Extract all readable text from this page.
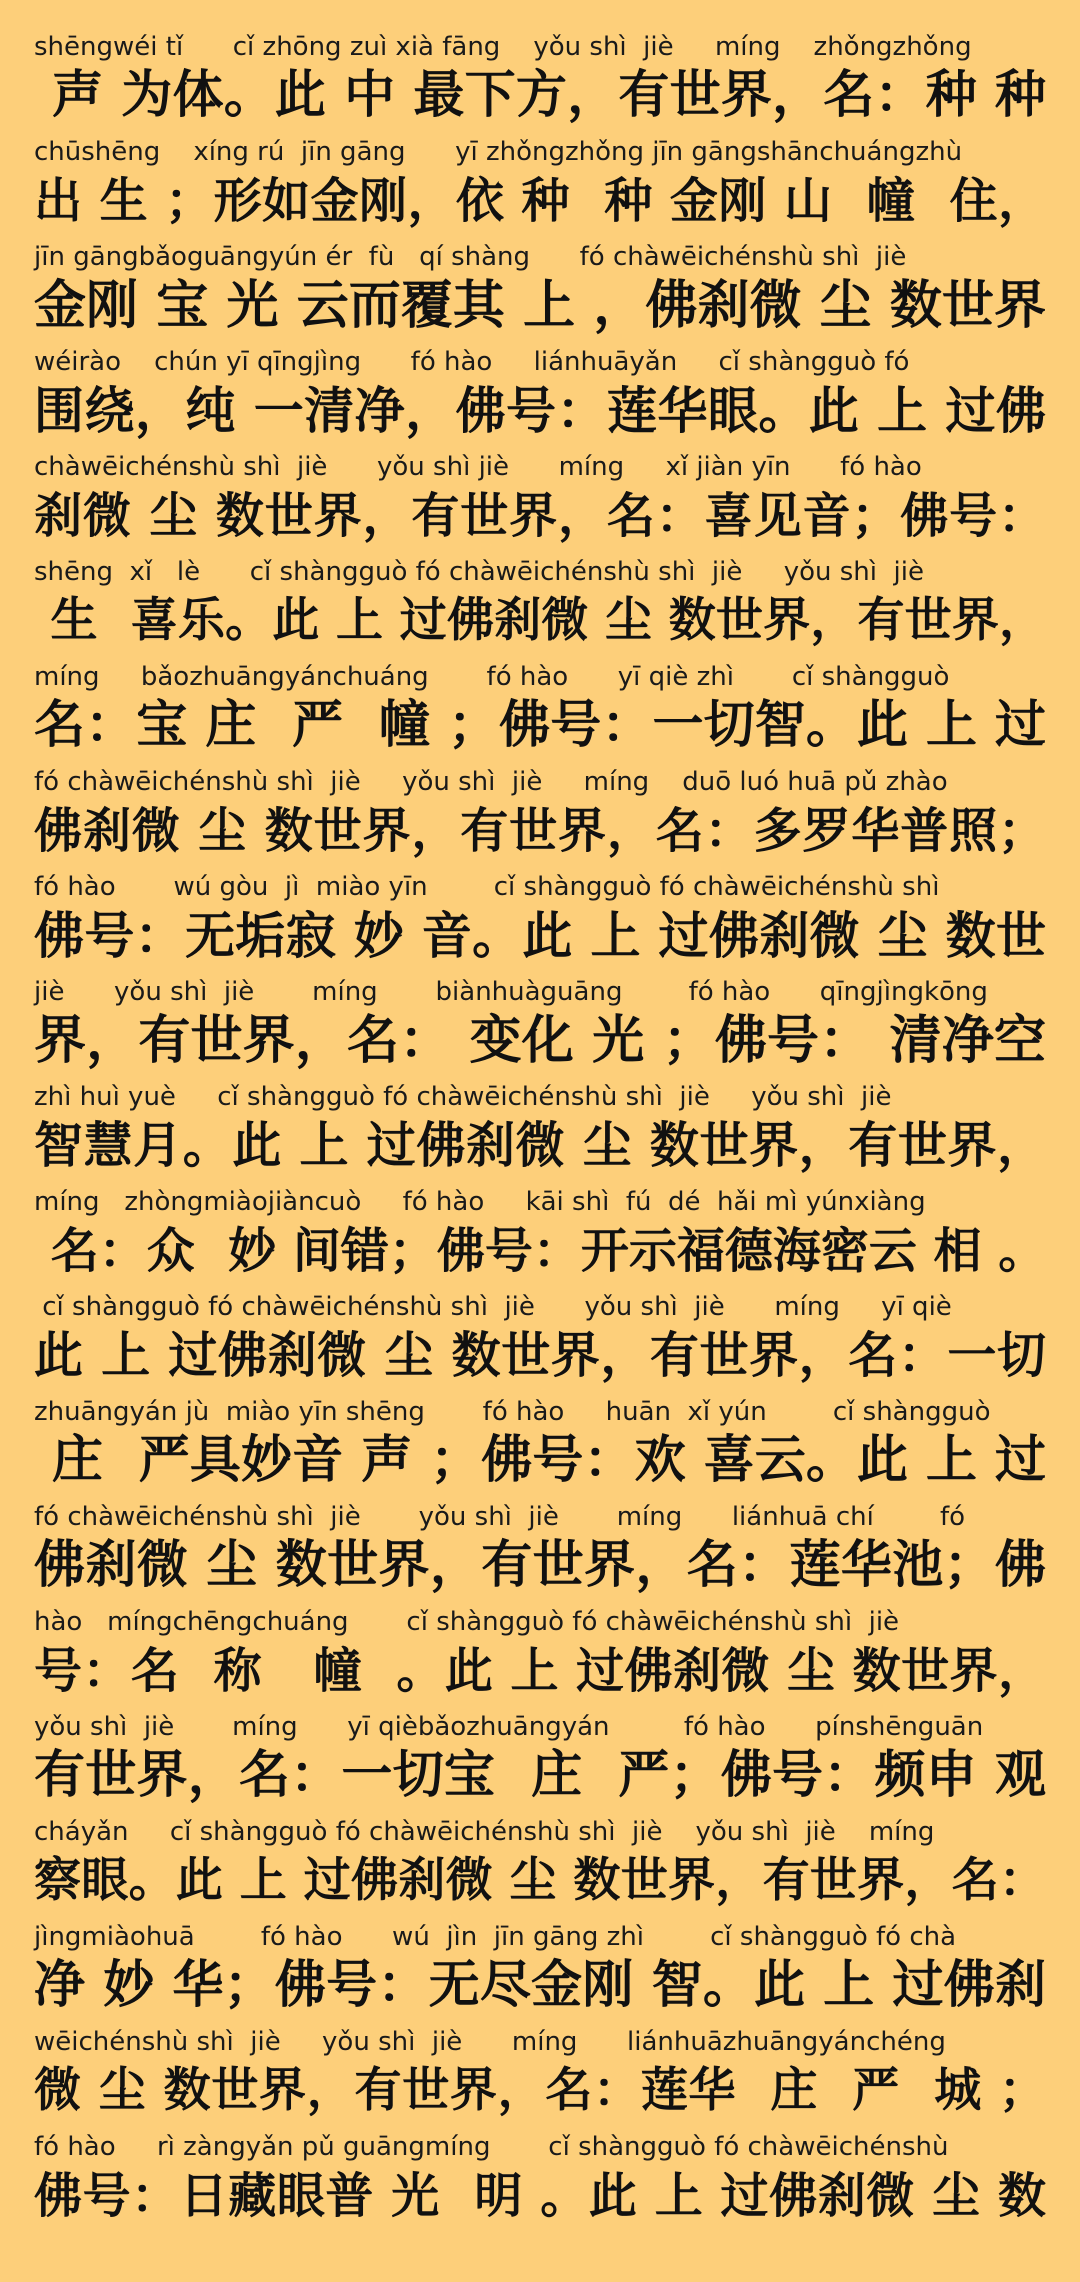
shēngwéi tǐ      cǐ zhōng zuì xià fāng    yǒu shì  jiè     míng    zhǒngzhǒng
声 为体。此 中 最下方，有世界，名：种 种
chūshēng    xíng rú  jīn gāng      yī zhǒngzhǒng jīn gāngshānchuángzhù
出 生 ；形如金刚，依 种  种 金刚 山  幢  住，
jīn gāngbǎoguāngyún ér  fù   qí shàng      fó chàwēichénshù shì  jiè
金刚 宝 光 云而覆其 上 ，佛刹微 尘 数世界
wéirào    chún yī qīngjìng      fó hào     liánhuāyǎn     cǐ shàngguò fó
围绕，纯 一清净，佛号：莲华眼。此 上 过佛
chàwēichénshù shì  jiè      yǒu shì jiè      míng     xǐ jiàn yīn      fó hào
刹微 尘 数世界，有世界，名：喜见音；佛号：
shēng  xǐ   lè      cǐ shàngguò fó chàwēichénshù shì  jiè     yǒu shì  jiè
生  喜乐。此 上 过佛刹微 尘 数世界，有世界，
míng     bǎozhuāngyánchuáng       fó hào      yī qiè zhì       cǐ shàngguò
名：宝 庄  严  幢 ；佛号：一切智。此 上 过
fó chàwēichénshù shì  jiè     yǒu shì  jiè     míng    duō luó huā pǔ zhào
佛刹微 尘 数世界，有世界，名：多罗华普照；
fó hào       wú gòu  jì  miào yīn        cǐ shàngguò fó chàwēichénshù shì
佛号：无垢寂 妙 音。此 上 过佛刹微 尘 数世
jiè      yǒu shì  jiè       míng       biànhuàguāng        fó hào      qīngjìngkōng
界，有世界，名： 变化 光 ；佛号： 清净空
zhì huì yuè     cǐ shàngguò fó chàwēichénshù shì  jiè     yǒu shì  jiè
智慧月。此 上 过佛刹微 尘 数世界，有世界，
míng   zhòngmiàojiàncuò     fó hào     kāi shì  fú  dé  hǎi mì yúnxiàng
名：众  妙 间错；佛号：开示福德海密云 相 。
cǐ shàngguò fó chàwēichénshù shì  jiè      yǒu shì  jiè      míng     yī qiè
此 上 过佛刹微 尘 数世界，有世界，名：一切
zhuāngyán jù  miào yīn shēng       fó hào     huān  xǐ yún        cǐ shàngguò
庄  严具妙音 声 ；佛号：欢 喜云。此 上 过
fó chàwēichénshù shì  jiè       yǒu shì  jiè       míng      liánhuā chí        fó
佛刹微 尘 数世界，有世界，名：莲华池；佛
hào   míngchēngchuáng       cǐ shàngguò fó chàwēichénshù shì  jiè
号：名  称   幢  。此 上 过佛刹微 尘 数世界，
yǒu shì  jiè       míng      yī qièbǎozhuāngyán         fó hào      pínshēnguān
有世界，名：一切宝  庄  严；佛号：频申 观
cháyǎn     cǐ shàngguò fó chàwēichénshù shì  jiè    yǒu shì  jiè    míng
察眼。此 上 过佛刹微 尘 数世界，有世界，名：
jìngmiàohuā        fó hào      wú  jìn  jīn gāng zhì        cǐ shàngguò fó chà
净 妙 华；佛号：无尽金刚 智。此 上 过佛刹
wēichénshù shì  jiè     yǒu shì  jiè      míng      liánhuāzhuāngyánchéng
微 尘 数世界，有世界，名：莲华  庄  严  城 ；
fó hào     rì zàngyǎn pǔ guāngmíng       cǐ shàngguò fó chàwēichénshù
佛号：日藏眼普 光  明 。此 上 过佛刹微 尘 数
